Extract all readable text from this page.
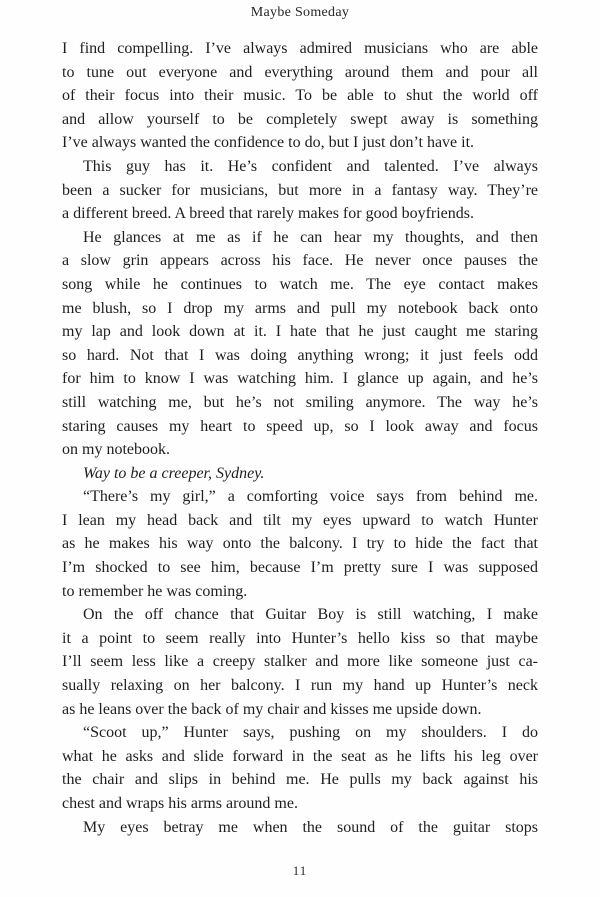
Maybe Someday
I find compelling. I’ve always admired musicians who are able
to tune out everyone and everything around them and pour all
of their focus into their music. To be able to shut the world off
and allow yourself to be completely swept away is something
I’ve always wanted the confidence to do, but I just don’t have it.
This guy has it. He’s confident and talented. I’ve always
been a sucker for musicians, but more in a fantasy way. They’re
a different breed. A breed that rarely makes for good boyfriends.
He glances at me as if he can hear my thoughts, and then
a slow grin appears across his face. He never once pauses the
song while he continues to watch me. The eye contact makes
me blush, so I drop my arms and pull my notebook back onto
my lap and look down at it. I hate that he just caught me staring
so hard. Not that I was doing anything wrong; it just feels odd
for him to know I was watching him. I glance up again, and he’s
still watching me, but he’s not smiling anymore. The way he’s
staring causes my heart to speed up, so I look away and focus
on my notebook.
Way to be a creeper, Sydney.
“There’s my girl,” a comforting voice says from behind me.
I lean my head back and tilt my eyes upward to watch Hunter
as he makes his way onto the balcony. I try to hide the fact that
I’m shocked to see him, because I’m pretty sure I was supposed
to remember he was coming.
On the off chance that Guitar Boy is still watching, I make
it a point to seem really into Hunter’s hello kiss so that maybe
I’ll seem less like a creepy stalker and more like someone just ca-
sually relaxing on her balcony. I run my hand up Hunter’s neck
as he leans over the back of my chair and kisses me upside down.
“Scoot up,” Hunter says, pushing on my shoulders. I do
what he asks and slide forward in the seat as he lifts his leg over
the chair and slips in behind me. He pulls my back against his
chest and wraps his arms around me.
My eyes betray me when the sound of the guitar stops
11
